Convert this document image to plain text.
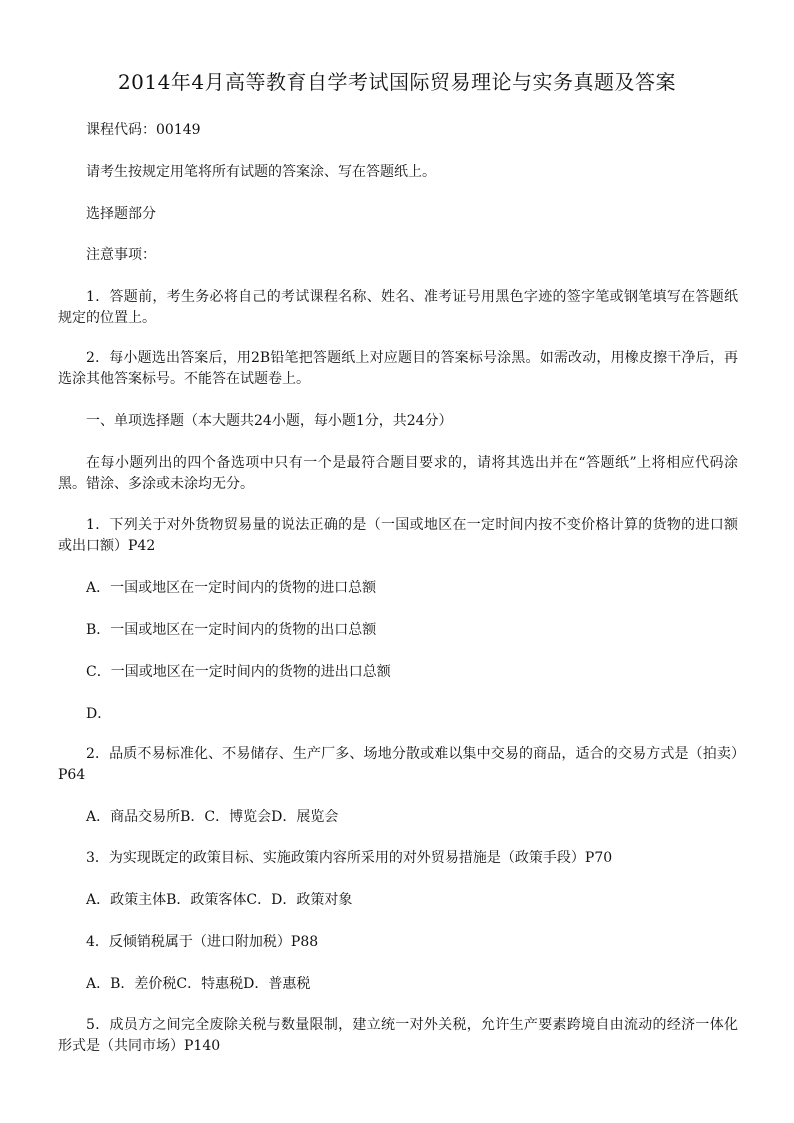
2014年4月高等教育自学考试国际贸易理论与实务真题及答案

课程代码：00149

请考生按规定用笔将所有试题的答案涂、写在答题纸上。

选择题部分

注意事项：

1．答题前，考生务必将自己的考试课程名称、姓名、准考证号用黑色字迹的签字笔或钢笔填写在答题纸规定的位置上。

2．每小题选出答案后，用2B铅笔把答题纸上对应题目的答案标号涂黑。如需改动，用橡皮擦干净后，再选涂其他答案标号。不能答在试题卷上。

一、单项选择题（本大题共24小题，每小题1分，共24分）

在每小题列出的四个备选项中只有一个是最符合题目要求的，请将其选出并在“答题纸”上将相应代码涂黑。错涂、多涂或未涂均无分。

1．下列关于对外货物贸易量的说法正确的是（一国或地区在一定时间内按不变价格计算的货物的进口额或出口额）P42

A．一国或地区在一定时间内的货物的进口总额

B．一国或地区在一定时间内的货物的出口总额

C．一国或地区在一定时间内的货物的进出口总额

D．

2．品质不易标准化、不易储存、生产厂多、场地分散或难以集中交易的商品，适合的交易方式是（拍卖）P64

A．商品交易所B．C．博览会D．展览会

3．为实现既定的政策目标、实施政策内容所采用的对外贸易措施是（政策手段）P70

A．政策主体B．政策客体C．D．政策对象

4．反倾销税属于（进口附加税）P88

A．B．差价税C．特惠税D．普惠税

5．成员方之间完全废除关税与数量限制，建立统一对外关税，允许生产要素跨境自由流动的经济一体化形式是（共同市场）P140
